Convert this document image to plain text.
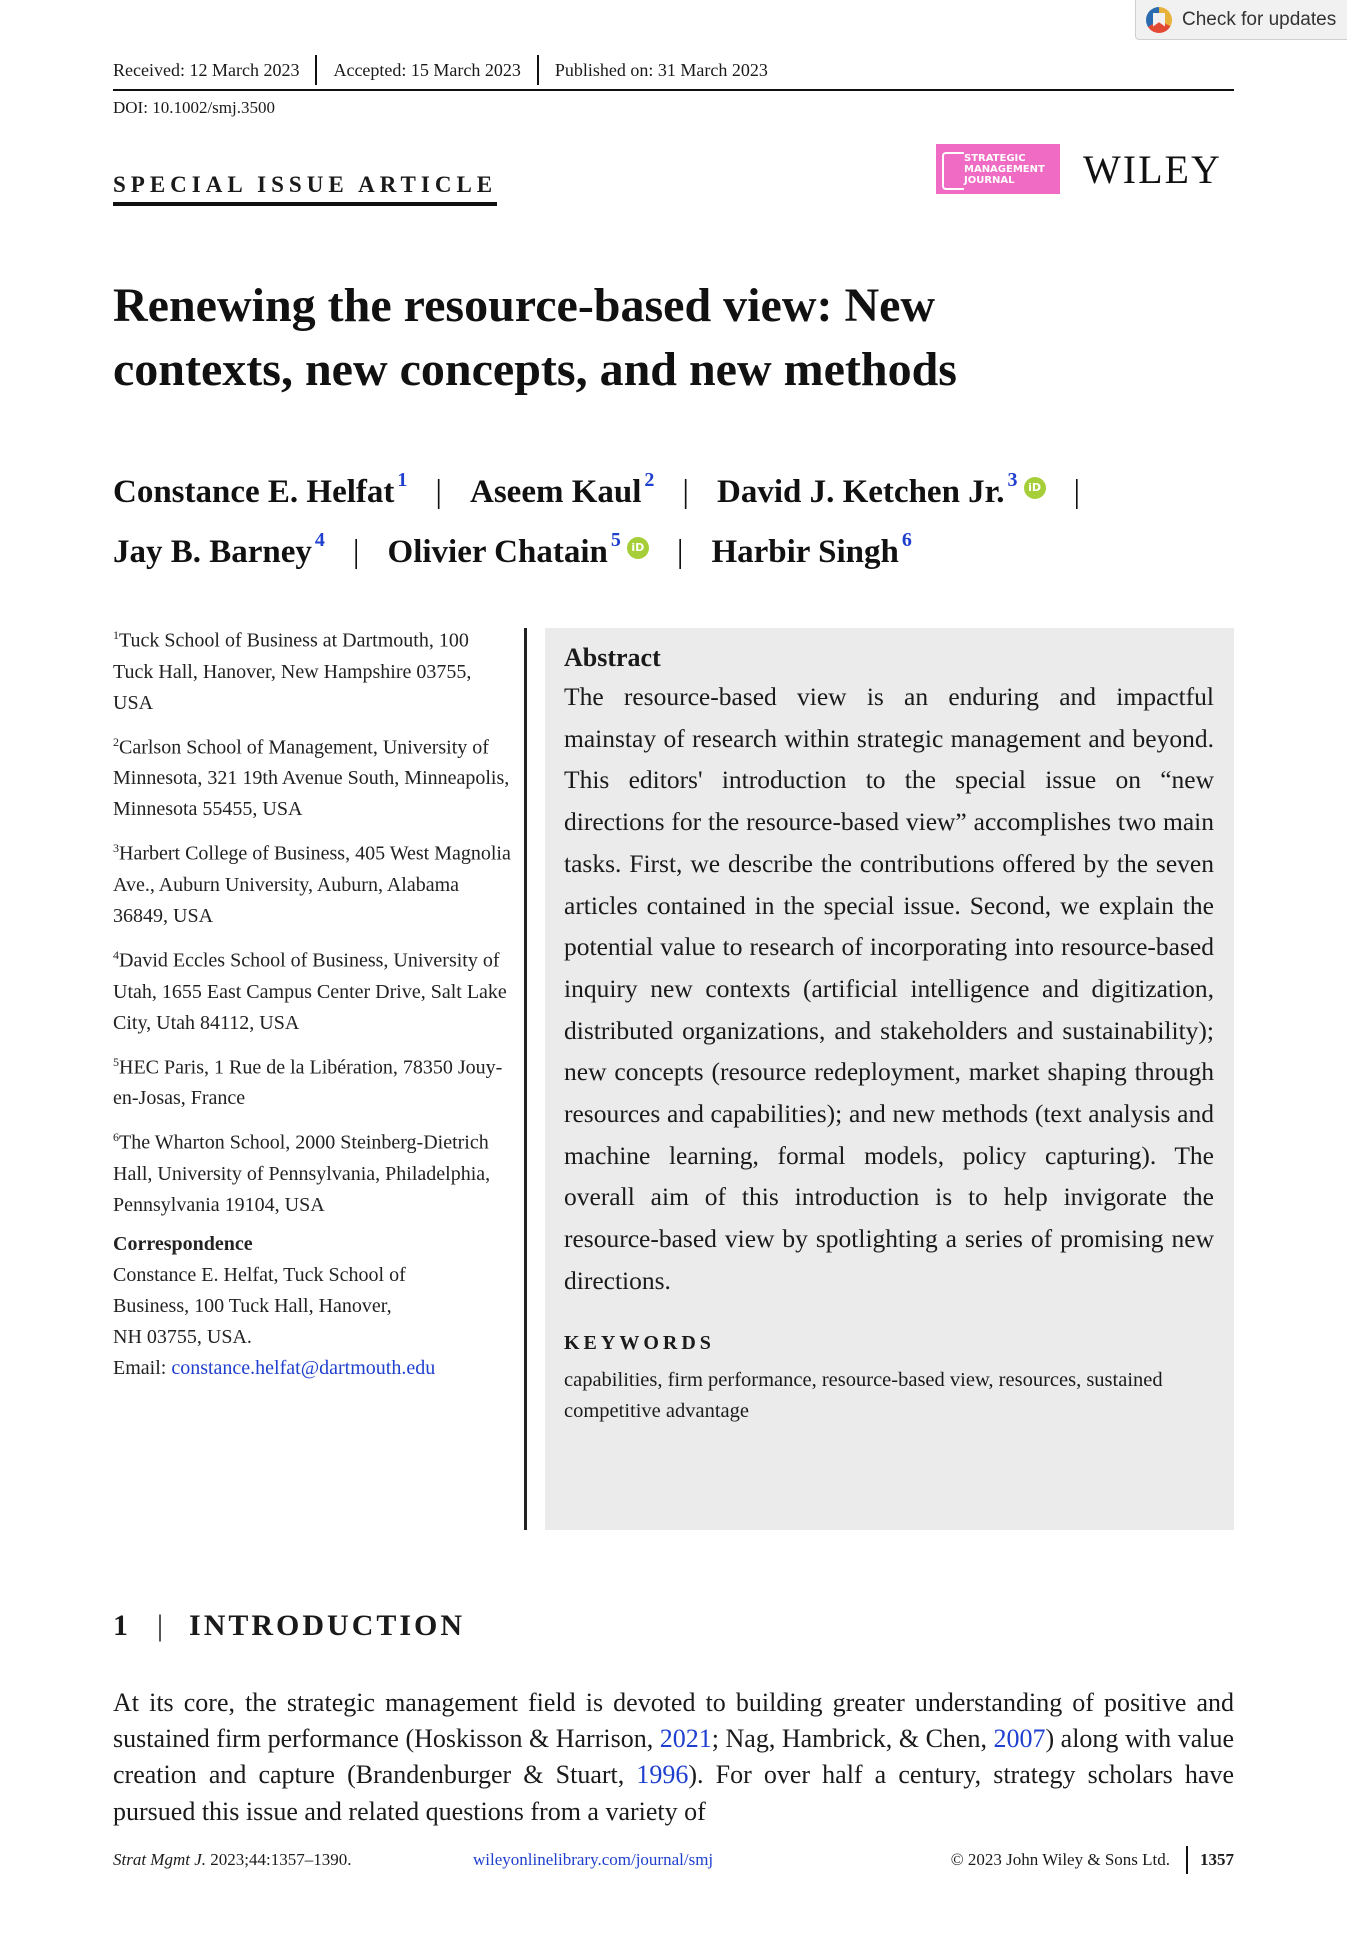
Check for updates
Received: 12 March 2023	Accepted: 15 March 2023	Published on: 31 March 2023
DOI: 10.1002/smj.3500
SPECIAL ISSUE ARTICLE
STRATEGIC MANAGEMENT JOURNAL	WILEY
Renewing the resource-based view: New contexts, new concepts, and new methods
Constance E. Helfat $^1$ | Aseem Kaul $^2$ | David J. Ketchen Jr. $^3$ iD |
Jay B. Barney $^4$ | Olivier Chatain $^5$ iD | Harbir Singh $^6$

$^1$Tuck School of Business at Dartmouth, 100 Tuck Hall, Hanover, New Hampshire 03755, USA

$^2$Carlson School of Management, University of Minnesota, 321 19th Avenue South, Minneapolis, Minnesota 55455, USA

$^3$Harbert College of Business, 405 West Magnolia Ave., Auburn University, Auburn, Alabama 36849, USA

$^4$David Eccles School of Business, University of Utah, 1655 East Campus Center Drive, Salt Lake City, Utah 84112, USA

$^5$HEC Paris, 1 Rue de la Libération, 78350 Jouy-en-Josas, France

$^6$The Wharton School, 2000 Steinberg-Dietrich Hall, University of Pennsylvania, Philadelphia, Pennsylvania 19104, USA

Correspondence

Constance E. Helfat, Tuck School of

Business, 100 Tuck Hall, Hanover,

NH 03755, USA.

Email: constance.helfat@dartmouth.edu

Abstract

The resource-based view is an enduring and impactful mainstay of research within strategic management and beyond. This editors' introduction to the special issue on “new directions for the resource-based view” accomplishes two main tasks. First, we describe the contributions offered by the seven articles contained in the special issue. Second, we explain the potential value to research of incorporating into resource-based inquiry new contexts (artificial intelligence and digitization, distributed organizations, and stakeholders and sustainability); new concepts (resource redeployment, market shaping through resources and capabilities); and new methods (text analysis and machine learning, formal models, policy capturing). The overall aim of this introduction is to help invigorate the resource-based view by spotlighting a series of promising new directions.

KEYWORDS
capabilities, firm performance, resource-based view, resources, sustained competitive advantage
1 | INTRODUCTION

At its core, the strategic management field is devoted to building greater understanding of positive and sustained firm performance (Hoskisson & Harrison, 2021; Nag, Hambrick, & Chen, 2007) along with value creation and capture (Brandenburger & Stuart, 1996). For over half a century, strategy scholars have pursued this issue and related questions from a variety of

Strat Mgmt J. 2023;44:1357–1390.	wileyonlinelibrary.com/journal/smj	© 2023 John Wiley & Sons Ltd.	1357
